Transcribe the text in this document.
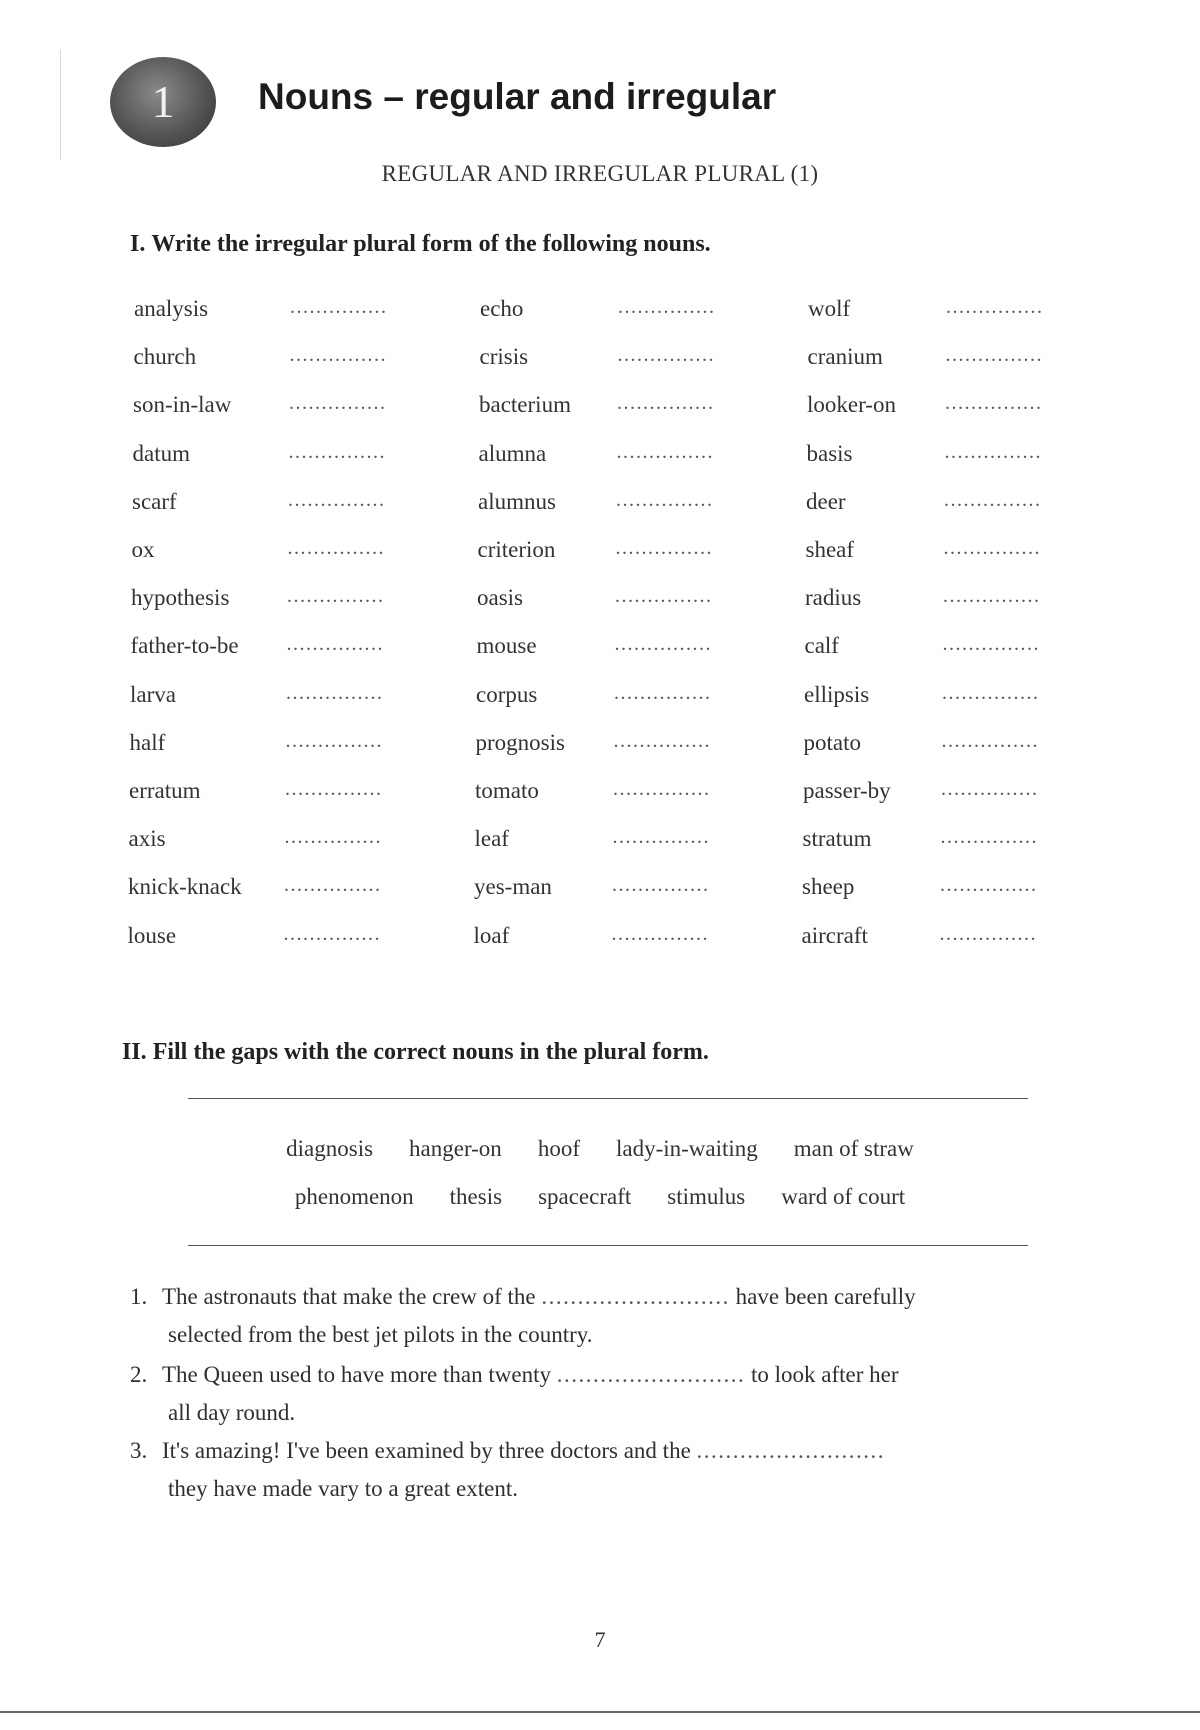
1 Nouns – regular and irregular
REGULAR AND IRREGULAR PLURAL (1)
I. Write the irregular plural form of the following nouns.
analysis	...............	echo	...............	wolf	...............
church	...............	crisis	...............	cranium	...............
son-in-law	...............	bacterium ...............	looker-on ...............
datum	...............	alumna	...............	basis	...............
scarf	...............	alumnus	...............	deer	...............
ox	...............	criterion	...............	sheaf	...............
hypothesis	...............	oasis	...............	radius	...............
father-to-be ...............	mouse	...............	calf	...............
larva	...............	corpus	...............	ellipsis	...............
half	...............	prognosis ...............	potato	...............
erratum	...............	tomato	...............	passer-by	...............
axis	...............	leaf	...............	stratum	...............
knick-knack ...............	yes-man	...............	sheep	...............
louse	...............	loaf	...............	aircraft	...............
II. Fill the gaps with the correct nouns in the plural form.
diagnosis hanger-on hoof lady-in-waiting man of straw
phenomenon thesis spacecraft stimulus ward of court
1. The astronauts that make the crew of the .......................... have been carefully
selected from the best jet pilots in the country.
2. The Queen used to have more than twenty .......................... to look after her
all day round.
3. It's amazing! I've been examined by three doctors and the ..........................
they have made vary to a great extent.
7
